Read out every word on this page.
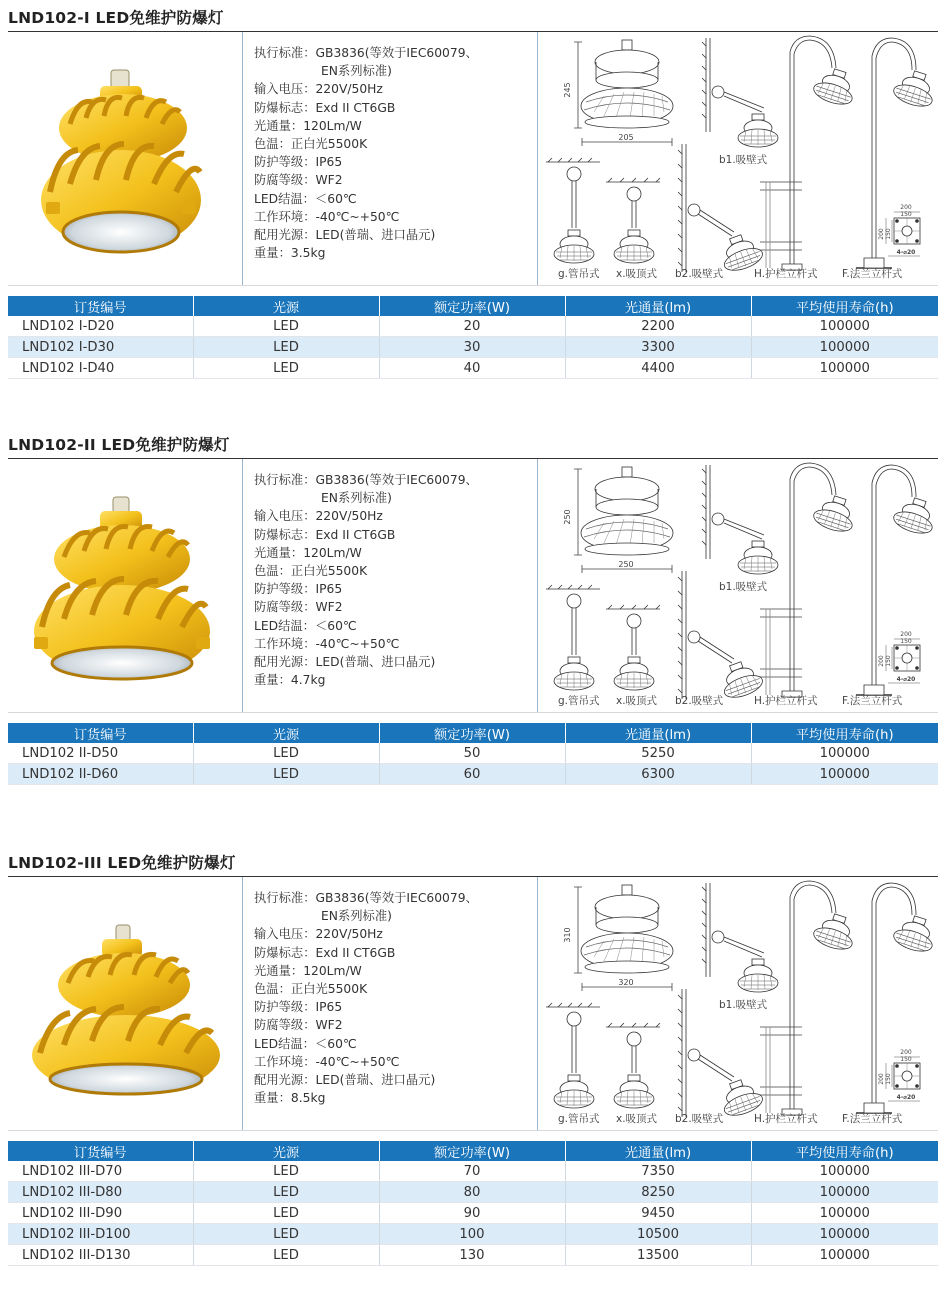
LND102-I LED免维护防爆灯
执行标准：GB3836(等效于IEC60079、
EN系列标准)
输入电压：220V/50Hz
防爆标志：Exd II CT6GB
光通量：120Lm/W
色温：正白光5500K
防护等级：IP65
防腐等级：WF2
LED结温：＜60℃
工作环境：-40℃~+50℃
配用光源：LED(普瑞、进口晶元)
重量：3.5kg
245
205
b1.吸壁式
g.管吊式 x.吸顶式 b2.吸壁式	H.护栏立杆式 F.法兰立杆式
200
150
200 150
4-⌀20
订货编号	光源	额定功率(W)	光通量(lm)	平均使用寿命(h)
LND102 I-D20	LED	20	2200	100000
LND102 I-D30	LED	30	3300	100000
LND102 I-D40	LED	40	4400	100000
LND102-II LED免维护防爆灯
执行标准：GB3836(等效于IEC60079、
EN系列标准)
输入电压：220V/50Hz
防爆标志：Exd II CT6GB
光通量：120Lm/W
色温：正白光5500K
防护等级：IP65
防腐等级：WF2
LED结温：＜60℃
工作环境：-40℃~+50℃
配用光源：LED(普瑞、进口晶元)
重量：4.7kg
250
250
b1.吸壁式
g.管吊式 x.吸顶式 b2.吸壁式	H.护栏立杆式 F.法兰立杆式
200
150
200 150
4-⌀20
订货编号	光源	额定功率(W)	光通量(lm)	平均使用寿命(h)
LND102 II-D50	LED	50	5250	100000
LND102 II-D60	LED	60	6300	100000
LND102-III LED免维护防爆灯
执行标准：GB3836(等效于IEC60079、
EN系列标准)
输入电压：220V/50Hz
防爆标志：Exd II CT6GB
光通量：120Lm/W
色温：正白光5500K
防护等级：IP65
防腐等级：WF2
LED结温：＜60℃
工作环境：-40℃~+50℃
配用光源：LED(普瑞、进口晶元)
重量：8.5kg
310
320
b1.吸壁式
g.管吊式 x.吸顶式 b2.吸壁式	H.护栏立杆式 F.法兰立杆式
200
150
200 150
4-⌀20
订货编号	光源	额定功率(W)	光通量(lm)	平均使用寿命(h)
LND102 III-D70	LED	70	7350	100000
LND102 III-D80	LED	80	8250	100000
LND102 III-D90	LED	90	9450	100000
LND102 III-D100	LED	100	10500	100000
LND102 III-D130	LED	130	13500	100000
